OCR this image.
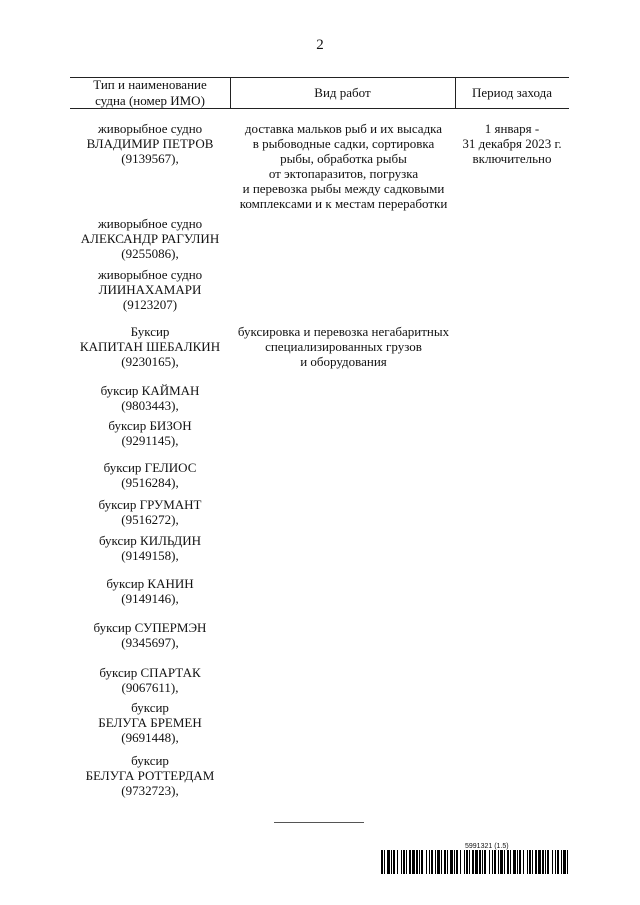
2
Тип и наименование
судна (номер ИМО)
Вид работ	Период захода
живорыбное судно
ВЛАДИМИР ПЕТРОВ
(9139567),
живорыбное судно
АЛЕКСАНДР РАГУЛИН
(9255086),
живорыбное судно
ЛИИНАХАМАРИ
(9123207)
Буксир
КАПИТАН ШЕБАЛКИН
(9230165),
буксир КАЙМАН
(9803443),
буксир БИЗОН
(9291145),
буксир ГЕЛИОС
(9516284),
буксир ГРУМАНТ
(9516272),
буксир КИЛЬДИН
(9149158),
буксир КАНИН
(9149146),
буксир СУПЕРМЭН
(9345697),
буксир СПАРТАК
(9067611),
буксир
БЕЛУГА БРЕМЕН
(9691448),
буксир
БЕЛУГА РОТТЕРДАМ
(9732723),
доставка мальков рыб и их высадка
в рыбоводные садки, сортировка
рыбы, обработка рыбы
от эктопаразитов, погрузка
и перевозка рыбы между садковыми
комплексами и к местам переработки
буксировка и перевозка негабаритных
специализированных грузов
и оборудования
1 января -
31 декабря 2023 г.
включительно
5991321 (1.5)
